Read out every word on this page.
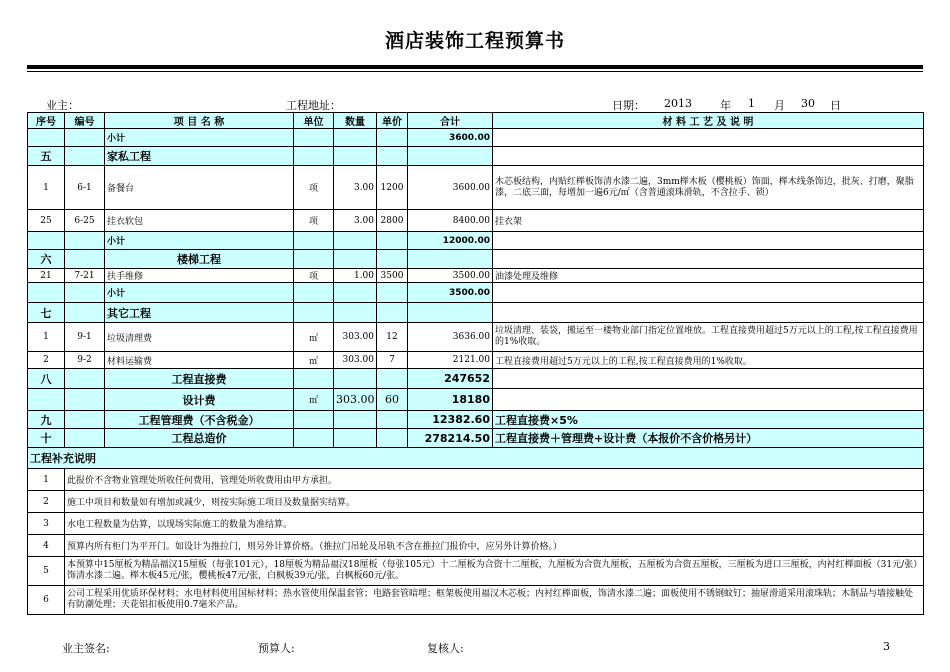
酒店装饰工程预算书
业主：	工程地址：	日期： 2013	年 1 月 30 日
序号	编号	项 目 名 称	单位	数量	单价	合计	材 料 工 艺 及 说 明
		小计				3600.00	
五		家私工程					
1	6-1	备餐台	项	3.00	1200	3600.00	木芯板结构，内贴红榉板饰清水漆二遍，3mm榉木板（樱桃板）饰面，榉木线条饰边，批灰、打磨，聚脂漆，二底三面，每增加一遍6元/㎡（含普通滚珠滑轨，不含拉手、锁）
25	6-25	挂衣软包	项	3.00	2800	8400.00	挂衣架
		小计				12000.00	
六		楼梯工程					
21	7-21	扶手维修	项	1.00	3500	3500.00	油漆处理及维修
		小计				3500.00	
七		其它工程					
1	9-1	垃圾清理费	㎡	303.00	12	3636.00	垃圾清理、装袋，搬运至一楼物业部门指定位置堆放。工程直接费用超过5万元以上的工程,按工程直接费用的1%收取。
2	9-2	材料运输费	㎡	303.00	7	2121.00	工程直接费用超过5万元以上的工程,按工程直接费用的1%收取。
八		工程直接费				247652	
		设计费	㎡	303.00	60	18180	
九		工程管理费（不含税金）				12382.60	工程直接费×5%
十		工程总造价				278214.50	工程直接费＋管理费+设计费（本报价不含价格另计）
工程补充说明							
1	此报价不含物业管理处所收任何费用，管理处所收费用由甲方承担。						
2	施工中项目和数量如有增加或减少，则按实际施工项目及数量据实结算。						
3	水电工程数量为估算，以现场实际施工的数量为准结算。						
4	预算内所有柜门为平开门。如设计为推拉门，则另外计算价格。（推拉门吊轮及吊轨不含在推拉门报价中，应另外计算价格。）						
5	本预算中15厘板为精品福汉15厘板（每张101元），18厘板为精品福汉18厘板（每张105元）十二厘板为合资十二厘板，九厘板为合资九厘板，五厘板为合资五厘板，三厘板为进口三厘板，内衬红榉面板（31元/张）饰清水漆二遍。榉木板45元/张，樱桃板47元/张，白枫板39元/张，白枫板60元/张。						
6	公司工程采用优质环保材料；水电材料使用国标材料；热水管使用保温套管；电路套管暗埋；框架板使用福汉木芯板；内衬红榉面板，饰清水漆二遍；面板使用不锈钢蚊钉；抽屉滑道采用滚珠轨；木制品与墙接触处有防潮处理；天花铝扣板使用0.7毫米产品。						
业主签名:	预算人:	复核人:	3
